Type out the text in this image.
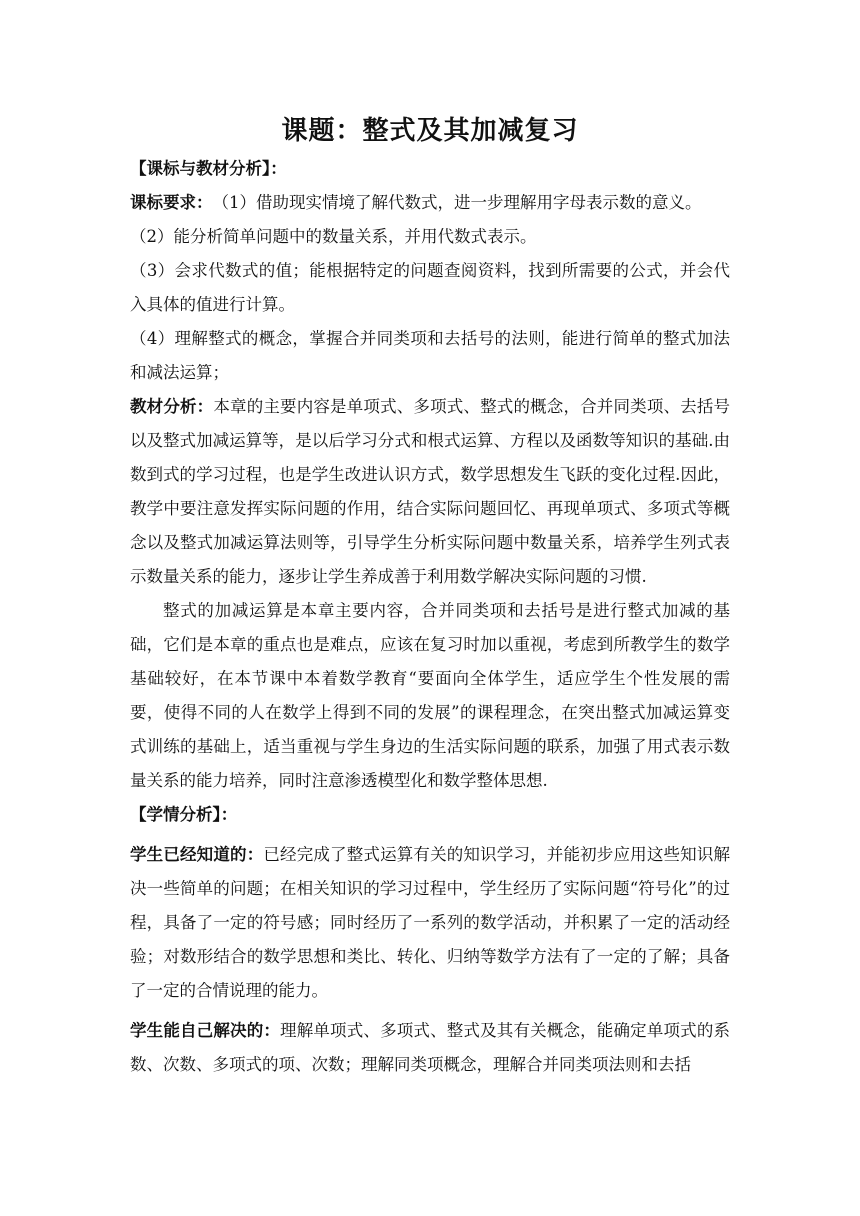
课题：整式及其加减复习

【课标与教材分析】：

课标要求：　（1）借助现实情境了解代数式，进一步理解用字母表示数的意义。

（2）能分析简单问题中的数量关系，并用代数式表示。

（3）会求代数式的值；能根据特定的问题查阅资料，找到所需要的公式，并会代入具体的值进行计算。

（4）理解整式的概念，掌握合并同类项和去括号的法则，能进行简单的整式加法和减法运算；

教材分析：本章的主要内容是单项式、多项式、整式的概念，合并同类项、去括号以及整式加减运算等，是以后学习分式和根式运算、方程以及函数等知识的基础.由数到式的学习过程，也是学生改进认识方式，数学思想发生飞跃的变化过程.因此，教学中要注意发挥实际问题的作用，结合实际问题回忆、再现单项式、多项式等概念以及整式加减运算法则等，引导学生分析实际问题中数量关系，培养学生列式表示数量关系的能力，逐步让学生养成善于利用数学解决实际问题的习惯.

整式的加减运算是本章主要内容，合并同类项和去括号是进行整式加减的基础，它们是本章的重点也是难点，应该在复习时加以重视，考虑到所教学生的数学基础较好，在本节课中本着数学教育“要面向全体学生，适应学生个性发展的需要，使得不同的人在数学上得到不同的发展”的课程理念，在突出整式加减运算变式训练的基础上，适当重视与学生身边的生活实际问题的联系，加强了用式表示数量关系的能力培养，同时注意渗透模型化和数学整体思想.

【学情分析】：

学生已经知道的：已经完成了整式运算有关的知识学习，并能初步应用这些知识解决一些简单的问题；在相关知识的学习过程中，学生经历了实际问题“符号化”的过程，具备了一定的符号感；同时经历了一系列的数学活动，并积累了一定的活动经验；对数形结合的数学思想和类比、转化、归纳等数学方法有了一定的了解；具备了一定的合情说理的能力。

学生能自己解决的：理解单项式、多项式、整式及其有关概念，能确定单项式的系数、次数、多项式的项、次数；理解同类项概念，理解合并同类项法则和去括
